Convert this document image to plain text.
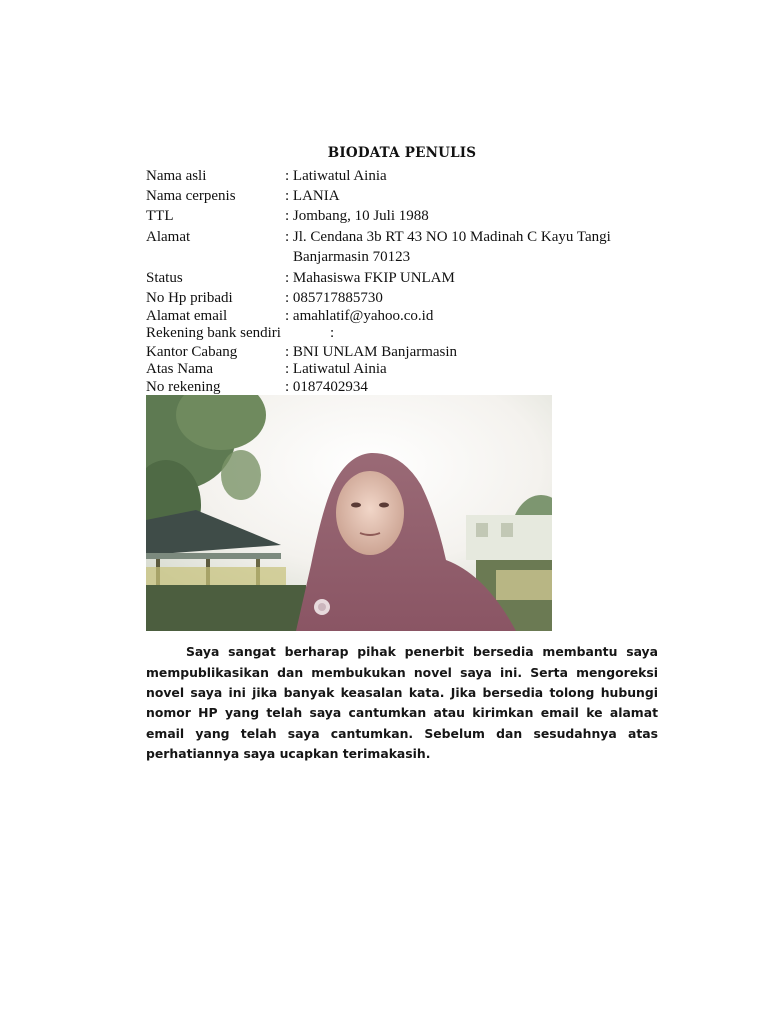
BIODATA PENULIS
Nama asli	: Latiwatul Ainia
Nama cerpenis	: LANIA
TTL	: Jombang, 10 Juli 1988
Alamat	: Jl. Cendana 3b RT 43 NO 10 Madinah C Kayu Tangi
Banjarmasin 70123
Status	: Mahasiswa FKIP UNLAM
No Hp pribadi	: 085717885730
Alamat email	: amahlatif@yahoo.co.id
Rekening bank sendiri	:
Kantor Cabang	: BNI UNLAM Banjarmasin
Atas Nama	: Latiwatul Ainia
No rekening	: 0187402934

Saya sangat berharap pihak penerbit bersedia membantu saya mempublikasikan dan membukukan novel saya ini. Serta mengoreksi novel saya ini jika banyak keasalan kata. Jika bersedia tolong hubungi nomor HP yang telah saya cantumkan atau kirimkan email ke alamat email yang telah saya cantumkan. Sebelum dan sesudahnya atas perhatiannya saya ucapkan terimakasih.
